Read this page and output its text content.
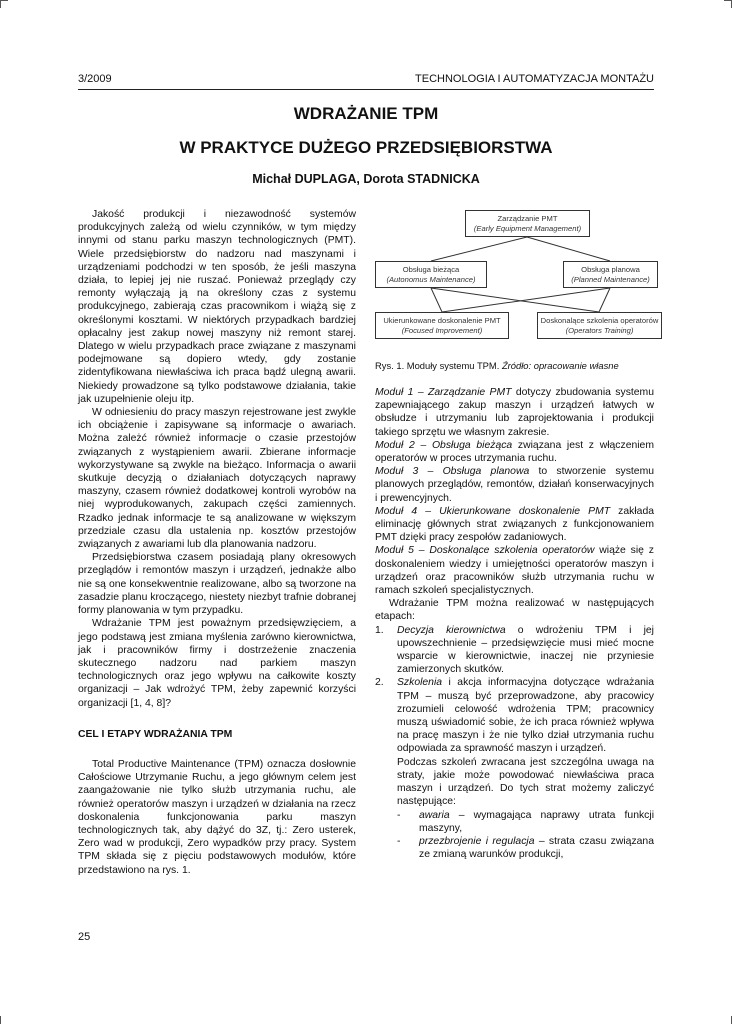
3/2009	TECHNOLOGIA I AUTOMATYZACJA MONTAŻU
WDRAŻANIE TPM
W PRAKTYCE DUŻEGO PRZEDSIĘBIORSTWA
Michał DUPLAGA, Dorota STADNICKA

Jakość produkcji i niezawodność systemów produkcyjnych zależą od wielu czynników, w tym między innymi od stanu parku maszyn technologicznych (PMT). Wiele przedsiębiorstw do nadzoru nad maszynami i urządzeniami podchodzi w ten sposób, że jeśli maszyna działa, to lepiej jej nie ruszać. Ponieważ przeglądy czy remonty wyłączają ją na określony czas z systemu produkcyjnego, zabierają czas pracownikom i wiążą się z określonymi kosztami. W niektórych przypadkach bardziej opłacalny jest zakup nowej maszyny niż remont starej. Dlatego w wielu przypadkach prace związane z maszynami podejmowane są dopiero wtedy, gdy zostanie zidentyfikowana niewłaściwa ich praca bądź ulegną awarii. Niekiedy prowadzone są tylko podstawowe działania, takie jak uzupełnienie oleju itp.

W odniesieniu do pracy maszyn rejestrowane jest zwykle ich obciążenie i zapisywane są informacje o awariach. Można zależć również informacje o czasie przestojów związanych z wystąpieniem awarii. Zbierane informacje wykorzystywane są zwykle na bieżąco. Informacja o awarii skutkuje decyzją o działaniach dotyczących naprawy maszyny, czasem również dodatkowej kontroli wyrobów na niej wyprodukowanych, zakupach części zamiennych. Rzadko jednak informacje te są analizowane w większym przedziale czasu dla ustalenia np. kosztów przestojów związanych z awariami lub dla planowania nadzoru.

Przedsiębiorstwa czasem posiadają plany okresowych przeglądów i remontów maszyn i urządzeń, jednakże albo nie są one konsekwentnie realizowane, albo są tworzone na zasadzie planu kroczącego, niestety niezbyt trafnie dobranej formy planowania w tym przypadku.

Wdrażanie TPM jest poważnym przedsięwzięciem, a jego podstawą jest zmiana myślenia zarówno kierownictwa, jak i pracowników firmy i dostrzeżenie znaczenia skutecznego nadzoru nad parkiem maszyn technologicznych oraz jego wpływu na całkowite koszty organizacji – Jak wdrożyć TPM, żeby zapewnić korzyści organizacji [1, 4, 8]?

CEL I ETAPY WDRAŻANIA TPM

Total Productive Maintenance (TPM) oznacza dosłownie Całościowe Utrzymanie Ruchu, a jego głównym celem jest zaangażowanie nie tylko służb utrzymania ruchu, ale również operatorów maszyn i urządzeń w działania na rzecz doskonalenia funkcjonowania parku maszyn technologicznych tak, aby dążyć do 3Z, tj.: Zero usterek, Zero wad w produkcji, Zero wypadków przy pracy. System TPM składa się z pięciu podstawowych modułów, które przedstawiono na rys. 1.

Zarządzanie PMT
(Early Equipment Management)
Obsługa bieżąca
(Autonomus Maintenance)
Obsługa planowa
(Planned Maintenance)
Ukierunkowane doskonalenie PMT
(Focused Improvement)
Doskonalące szkolenia operatorów
(Operators Training)
Rys. 1. Moduły systemu TPM. Źródło: opracowanie własne

Moduł 1 – Zarządzanie PMT dotyczy zbudowania systemu zapewniającego zakup maszyn i urządzeń łatwych w obsłudze i utrzymaniu lub zaprojektowania i produkcji takiego sprzętu we własnym zakresie.

Moduł 2 – Obsługa bieżąca związana jest z włączeniem operatorów w proces utrzymania ruchu.

Moduł 3 – Obsługa planowa to stworzenie systemu planowych przeglądów, remontów, działań konserwacyjnych i prewencyjnych.

Moduł 4 – Ukierunkowane doskonalenie PMT zakłada eliminację głównych strat związanych z funkcjonowaniem PMT dzięki pracy zespołów zadaniowych.

Moduł 5 – Doskonalące szkolenia operatorów wiąże się z doskonaleniem wiedzy i umiejętności operatorów maszyn i urządzeń oraz pracowników służb utrzymania ruchu w ramach szkoleń specjalistycznych.

Wdrażanie TPM można realizować w następujących etapach:

1. Decyzja kierownictwa o wdrożeniu TPM i jej upowszechnienie – przedsięwzięcie musi mieć mocne wsparcie w kierownictwie, inaczej nie przyniesie zamierzonych skutków.
2. Szkolenia i akcja informacyjna dotyczące wdrażania TPM – muszą być przeprowadzone, aby pracowicy zrozumieli celowość wdrożenia TPM; pracownicy muszą uświadomić sobie, że ich praca również wpływa na pracę maszyn i że nie tylko dział utrzymania ruchu odpowiada za sprawność maszyn i urządzeń.

Podczas szkoleń zwracana jest szczególna uwaga na straty, jakie może powodować niewłaściwa praca maszyn i urządzeń. Do tych strat możemy zaliczyć następujące:

- awaria – wymagająca naprawy utrata funkcji maszyny,
- przezbrojenie i regulacja – strata czasu związana ze zmianą warunków produkcji,
25
